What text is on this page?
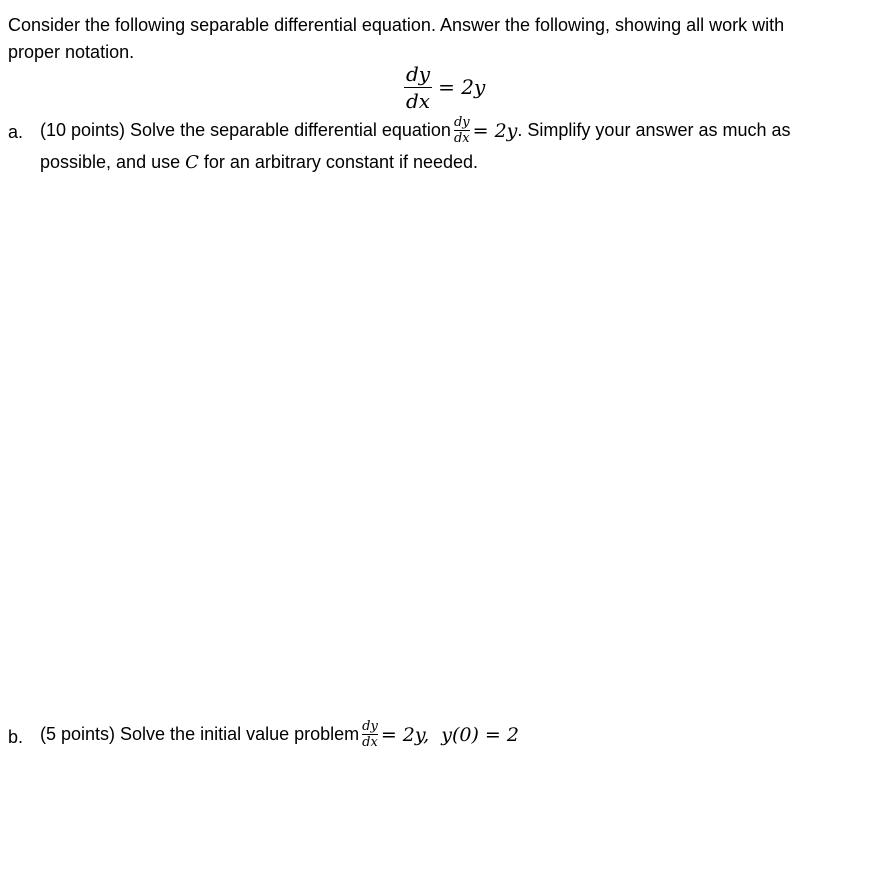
Consider the following separable differential equation. Answer the following, showing all work with
proper notation.
$\frac{dy}{dx} = 2y$
a. (10 points) Solve the separable differential equation $\frac{dy}{dx} = 2y$ . Simplify your answer as much as
possible, and use C for an arbitrary constant if needed.
b. (5 points) Solve the initial value problem $\frac{dy}{dx} = 2y$,  y(0) = 2
